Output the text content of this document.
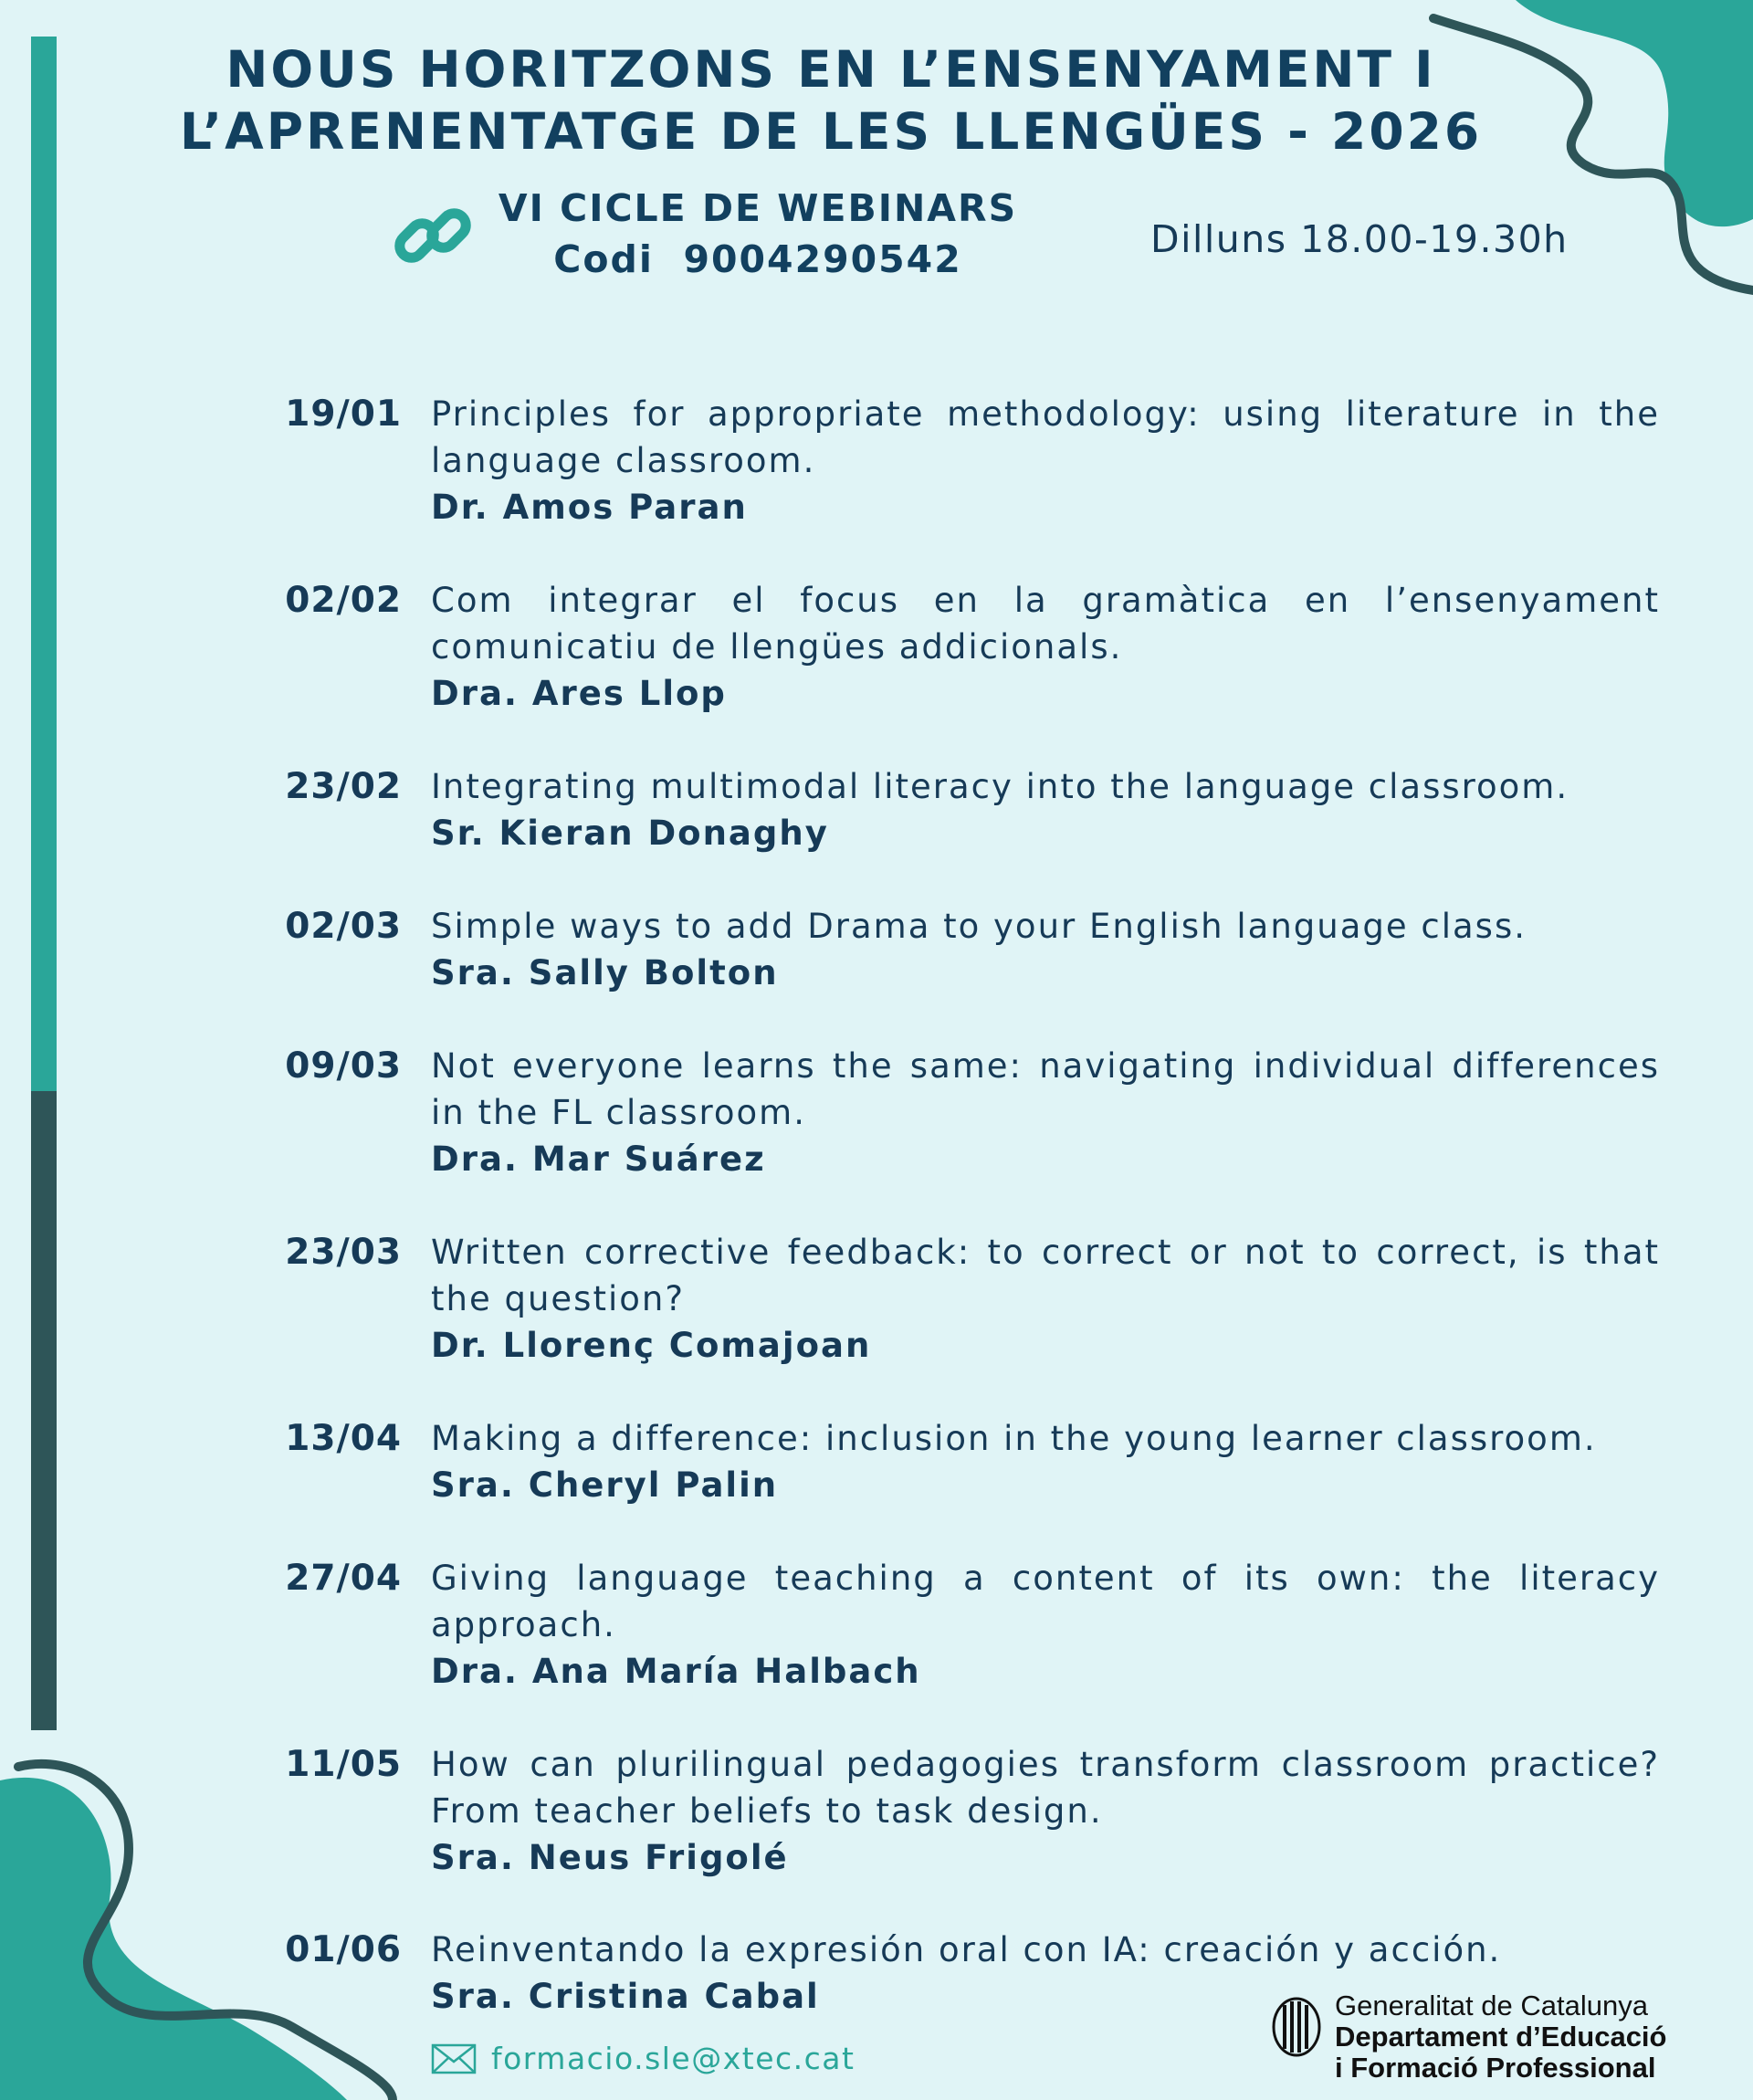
NOUS HORITZONS EN L’ENSENYAMENT I
L’APRENENTATGE DE LES LLENGÜES - 2026
VI CICLE DE WEBINARS
Codi  9004290542	Dilluns 18.00-19.30h
19/01 Principles for appropriate methodology: using literature in the language classroom.
Dr. Amos Paran
02/02 Com integrar el focus en la gramàtica en l’ensenyament comunicatiu de llengües addicionals.
Dra. Ares Llop
23/02 Integrating multimodal literacy into the language classroom.
Sr. Kieran Donaghy
02/03 Simple ways to add Drama to your English language class.
Sra. Sally Bolton
09/03 Not everyone learns the same: navigating individual differences in the FL classroom.
Dra. Mar Suárez
23/03 Written corrective feedback: to correct or not to correct, is that the question?
Dr. Llorenç Comajoan
13/04 Making a difference: inclusion in the young learner classroom.
Sra. Cheryl Palin
27/04 Giving language teaching a content of its own: the literacy approach.
Dra. Ana María Halbach
11/05 How can plurilingual pedagogies transform classroom practice? From teacher beliefs to task design.
Sra. Neus Frigolé
01/06 Reinventando la expresión oral con IA: creación y acción.
Sra. Cristina Cabal
formacio.sle@xtec.cat
Generalitat de Catalunya
Departament d’Educació
i Formació Professional
